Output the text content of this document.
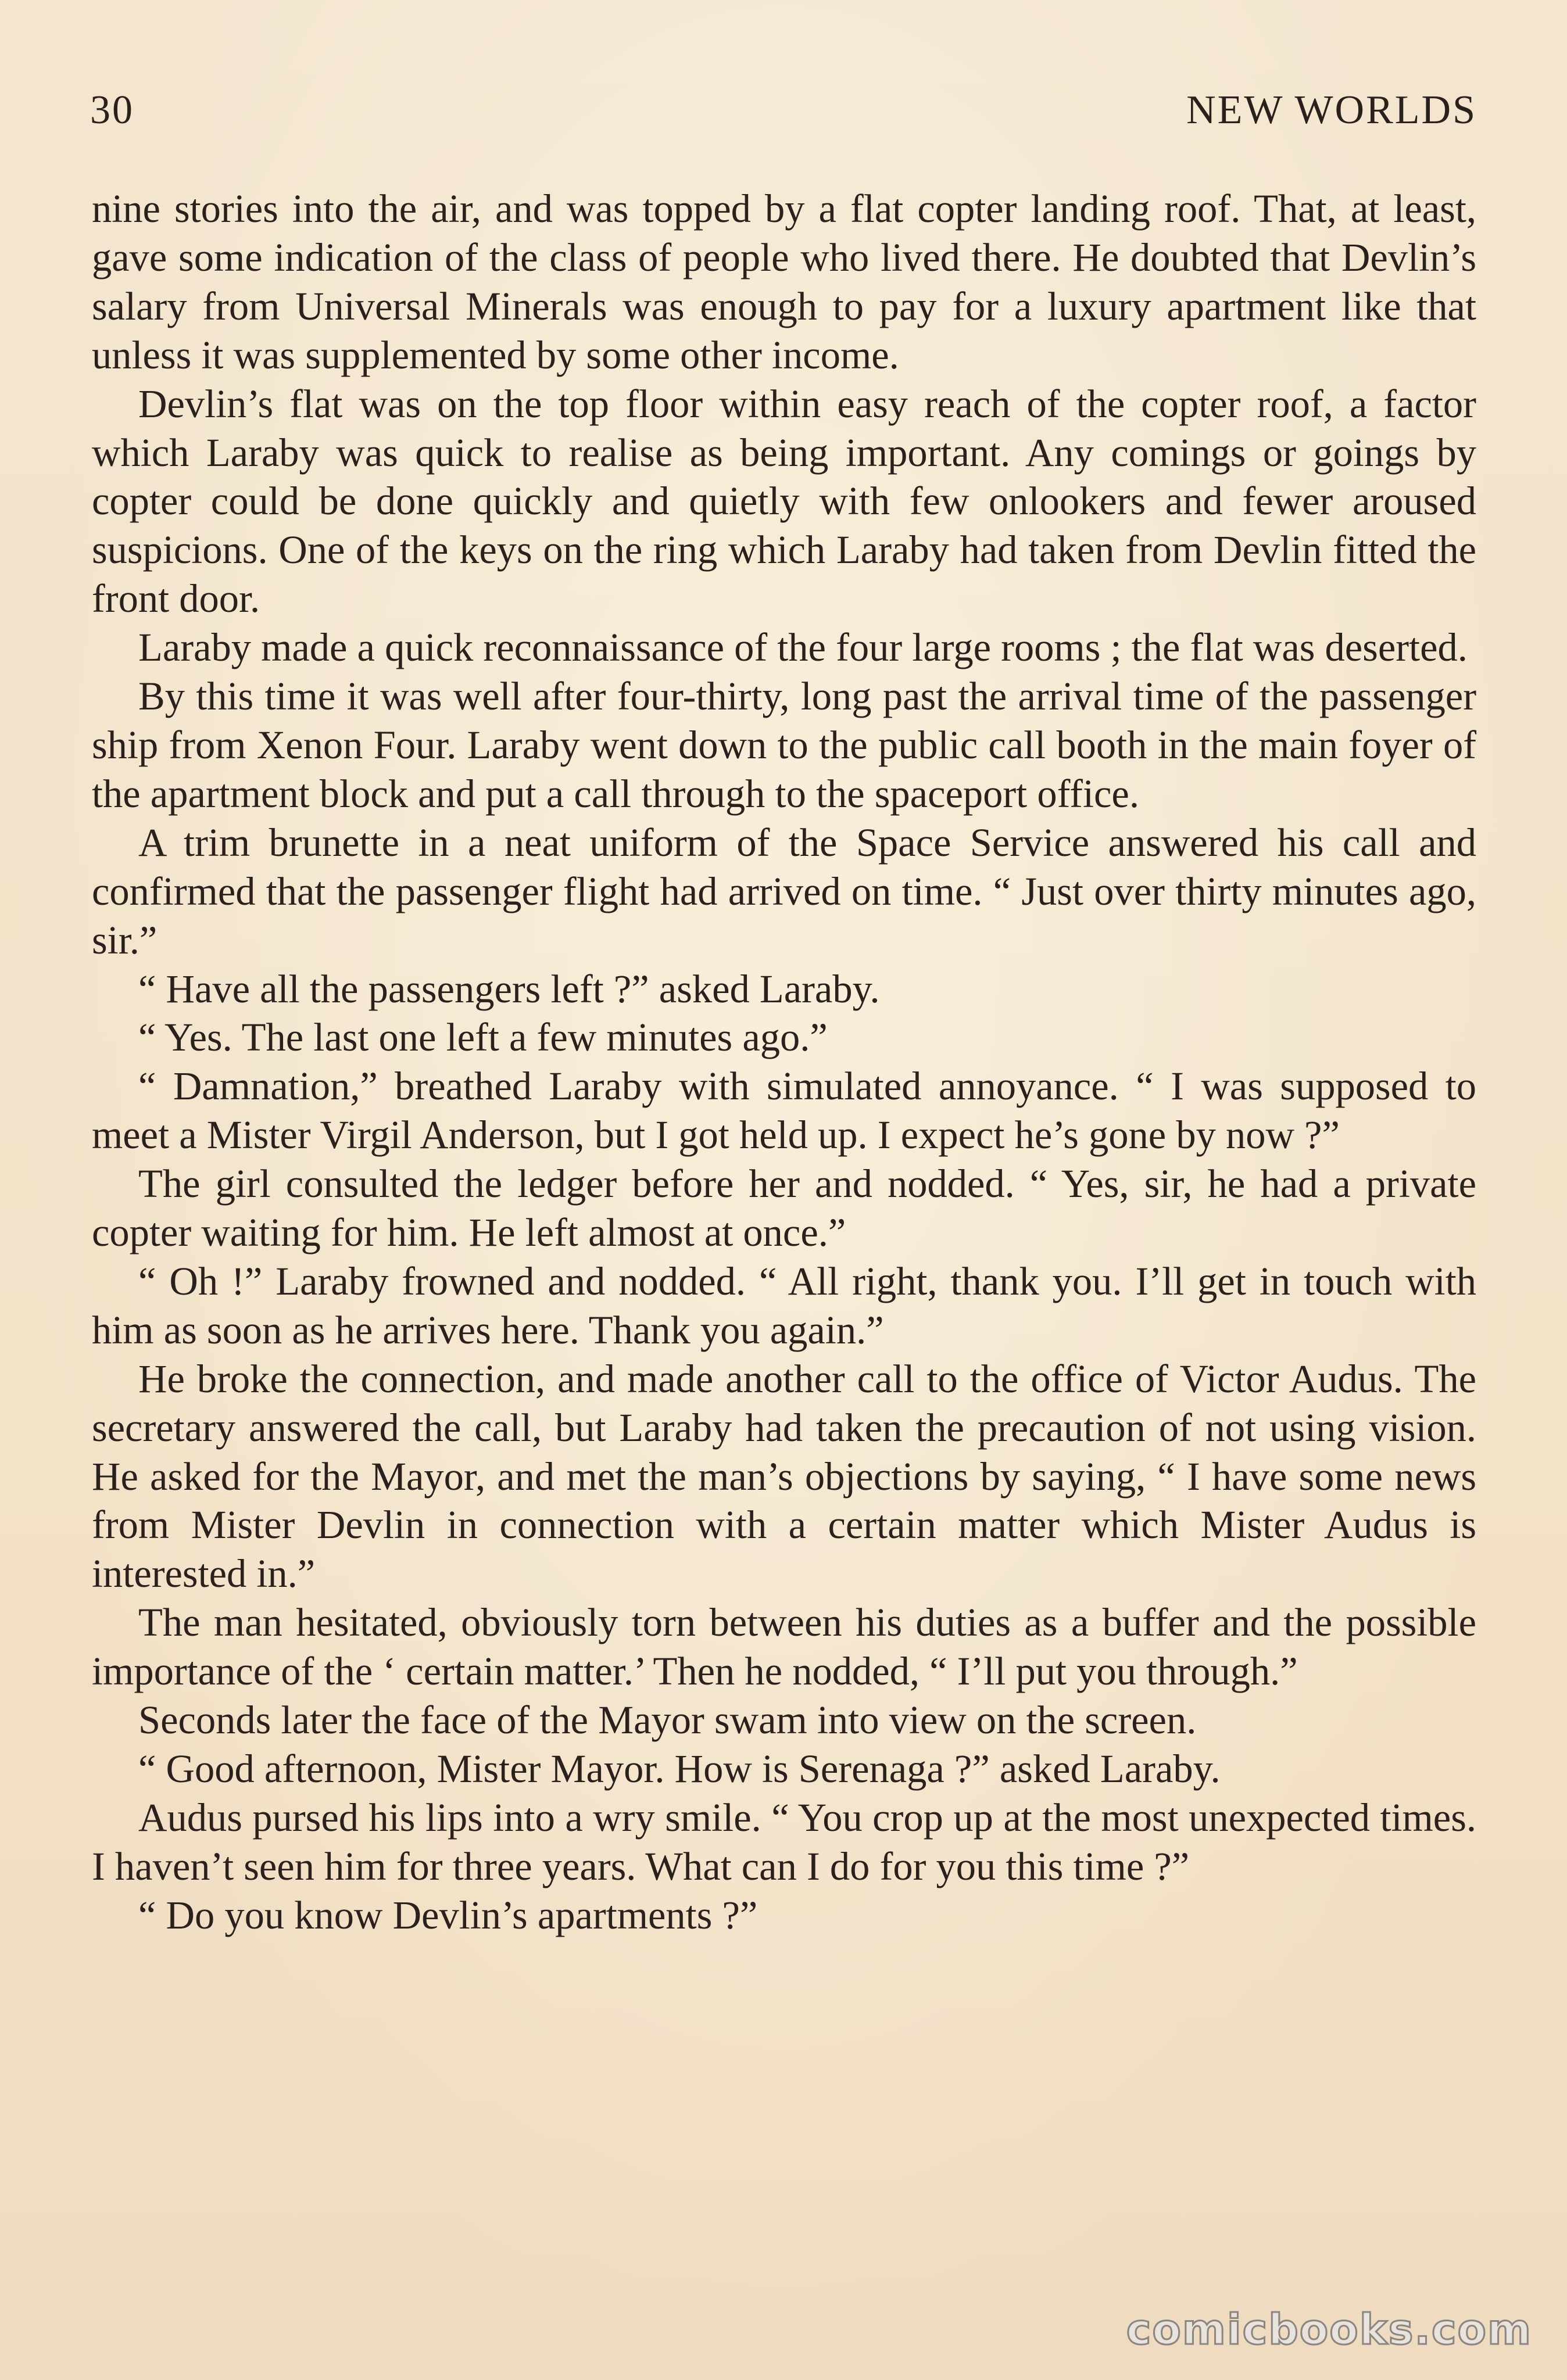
30	NEW WORLDS

nine stories into the air, and was topped by a flat copter landing roof. That, at least, gave some indication of the class of people who lived there. He doubted that Devlin’s salary from Universal Minerals was enough to pay for a luxury apartment like that unless it was supplemented by some other income.

Devlin’s flat was on the top floor within easy reach of the copter roof, a factor which Laraby was quick to realise as being important. Any comings or goings by copter could be done quickly and quietly with few onlookers and fewer aroused suspicions. One of the keys on the ring which Laraby had taken from Devlin fitted the front door.

Laraby made a quick reconnaissance of the four large rooms ; the flat was deserted.

By this time it was well after four-thirty, long past the arrival time of the passenger ship from Xenon Four. Laraby went down to the public call booth in the main foyer of the apartment block and put a call through to the spaceport office.

A trim brunette in a neat uniform of the Space Service answered his call and confirmed that the passenger flight had arrived on time. “ Just over thirty minutes ago, sir.”

“ Have all the passengers left ?” asked Laraby.

“ Yes. The last one left a few minutes ago.”

“ Damnation,” breathed Laraby with simulated annoyance. “ I was supposed to meet a Mister Virgil Anderson, but I got held up. I expect he’s gone by now ?”

The girl consulted the ledger before her and nodded. “ Yes, sir, he had a private copter waiting for him. He left almost at once.”

“ Oh !” Laraby frowned and nodded. “ All right, thank you. I’ll get in touch with him as soon as he arrives here. Thank you again.”

He broke the connection, and made another call to the office of Victor Audus. The secretary answered the call, but Laraby had taken the precaution of not using vision. He asked for the Mayor, and met the man’s objections by saying, “ I have some news from Mister Devlin in connection with a certain matter which Mister Audus is interested in.”

The man hesitated, obviously torn between his duties as a buffer and the possible importance of the ‘ certain matter.’ Then he nodded, “ I’ll put you through.”

Seconds later the face of the Mayor swam into view on the screen.

“ Good afternoon, Mister Mayor. How is Serenaga ?” asked Laraby.

Audus pursed his lips into a wry smile. “ You crop up at the most unexpected times. I haven’t seen him for three years. What can I do for you this time ?”

“ Do you know Devlin’s apartments ?”

comicbooks.com
